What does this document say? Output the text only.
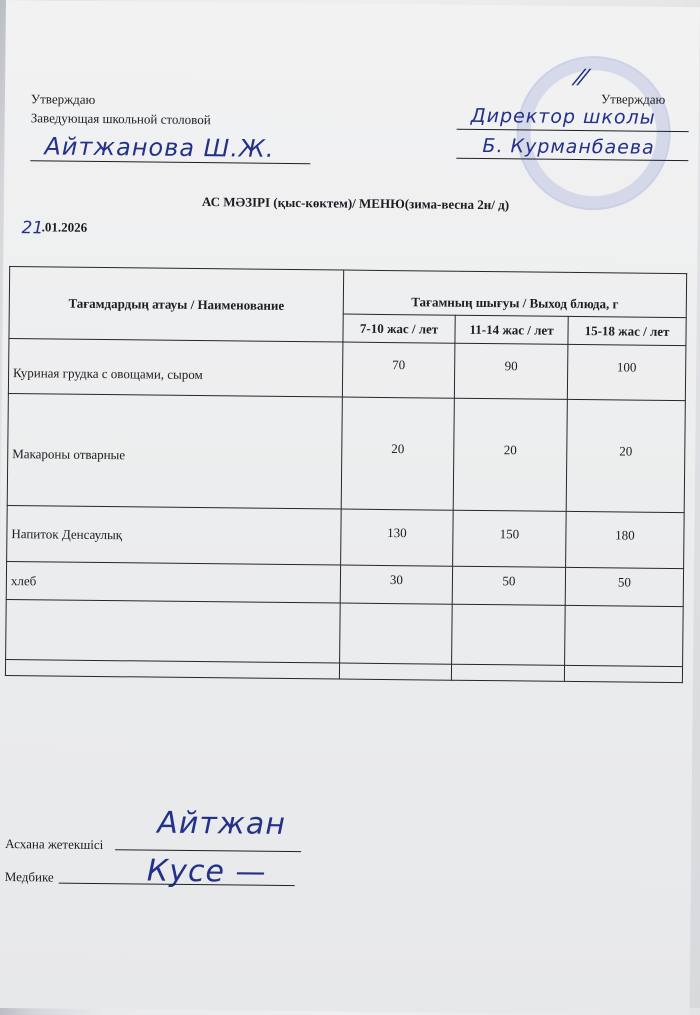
Утверждаю
Заведующая школьной столовой
Айтжанова Ш.Ж.
⁄⁄
Утверждаю
Директор школы
Б. Курманбаева
АС МӘЗІРІ (қыс-көктем)/ МЕНЮ(зима-весна 2н/ д)
21
.01.2026
Тағамдардың атауы / Наименование	Тағамның шығуы / Выход блюда, г		
	7-10 жас / лет	11-14 жас / лет	15-18 жас / лет
Куриная грудка с овощами, сыром	70	90	100
Макароны отварные	20	20	20
Напиток Денсаулық	130	150	180
хлеб	30	50	50

Асхана жетекшісі
Айтжан
Медбике	Кусе —
